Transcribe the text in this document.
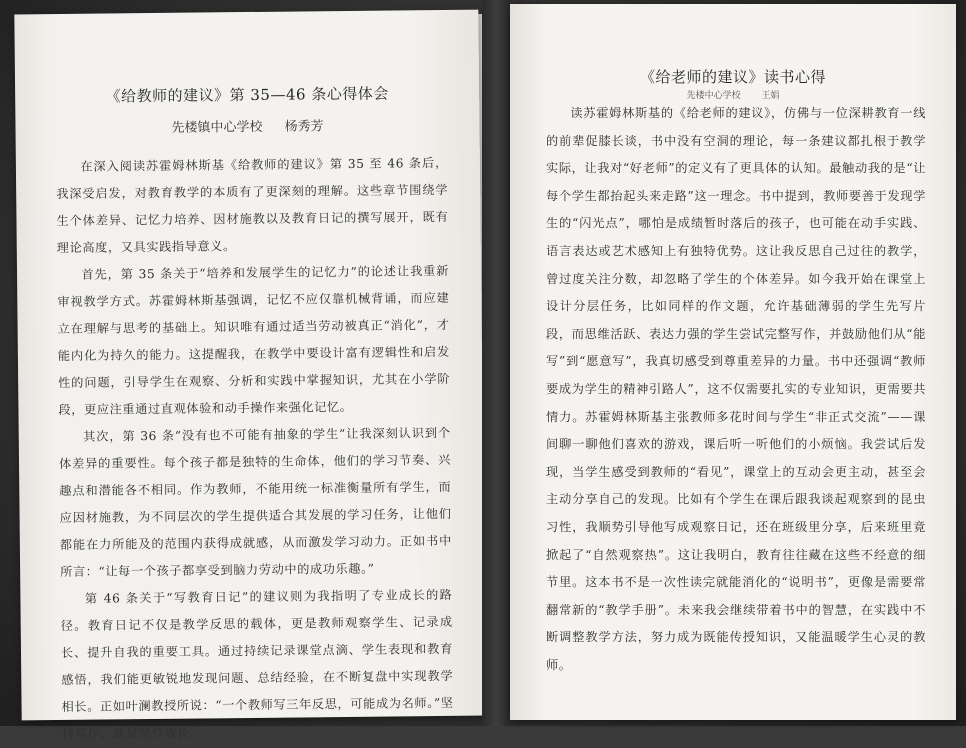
《给教师的建议》第 35—46 条心得体会
先楼镇中心学校 杨秀芳

在深入阅读苏霍姆林斯基《给教师的建议》第 35 至 46 条后，我深受启发，对教育教学的本质有了更深刻的理解。这些章节围绕学生个体差异、记忆力培养、因材施教以及教育日记的撰写展开，既有理论高度，又具实践指导意义。

首先，第 35 条关于“培养和发展学生的记忆力”的论述让我重新审视教学方式。苏霍姆林斯基强调，记忆不应仅靠机械背诵，而应建立在理解与思考的基础上。知识唯有通过适当劳动被真正“消化”，才能内化为持久的能力。这提醒我，在教学中要设计富有逻辑性和启发性的问题，引导学生在观察、分析和实践中掌握知识，尤其在小学阶段，更应注重通过直观体验和动手操作来强化记忆。

其次，第 36 条“没有也不可能有抽象的学生”让我深刻认识到个体差异的重要性。每个孩子都是独特的生命体，他们的学习节奏、兴趣点和潜能各不相同。作为教师，不能用统一标准衡量所有学生，而应因材施教，为不同层次的学生提供适合其发展的学习任务，让他们都能在力所能及的范围内获得成就感，从而激发学习动力。正如书中所言：“让每一个孩子都享受到脑力劳动中的成功乐趣。”

第 46 条关于“写教育日记”的建议则为我指明了专业成长的路径。教育日记不仅是教学反思的载体，更是教师观察学生、记录成长、提升自我的重要工具。通过持续记录课堂点滴、学生表现和教育感悟，我们能更敏锐地发现问题、总结经验，在不断复盘中实现教学相长。正如叶澜教授所说：“一个教师写三年反思，可能成为名师。”坚持写作，就是坚持成长。

《给老师的建议》读书心得
先楼中心学校 王娟

读苏霍姆林斯基的《给老师的建议》，仿佛与一位深耕教育一线的前辈促膝长谈，书中没有空洞的理论，每一条建议都扎根于教学实际，让我对“好老师”的定义有了更具体的认知。最触动我的是“让每个学生都抬起头来走路”这一理念。书中提到，教师要善于发现学生的“闪光点”，哪怕是成绩暂时落后的孩子，也可能在动手实践、语言表达或艺术感知上有独特优势。这让我反思自己过往的教学，曾过度关注分数，却忽略了学生的个体差异。如今我开始在课堂上设计分层任务，比如同样的作文题，允许基础薄弱的学生先写片段，而思维活跃、表达力强的学生尝试完整写作，并鼓励他们从“能写”到“愿意写”，我真切感受到尊重差异的力量。书中还强调“教师要成为学生的精神引路人”，这不仅需要扎实的专业知识，更需要共情力。苏霍姆林斯基主张教师多花时间与学生“非正式交流”——课间聊一聊他们喜欢的游戏，课后听一听他们的小烦恼。我尝试后发现，当学生感受到教师的“看见”，课堂上的互动会更主动，甚至会主动分享自己的发现。比如有个学生在课后跟我谈起观察到的昆虫习性，我顺势引导他写成观察日记，还在班级里分享，后来班里竟掀起了“自然观察热”。这让我明白，教育往往藏在这些不经意的细节里。这本书不是一次性读完就能消化的“说明书”，更像是需要常翻常新的“教学手册”。未来我会继续带着书中的智慧，在实践中不断调整教学方法，努力成为既能传授知识，又能温暖学生心灵的教师。
